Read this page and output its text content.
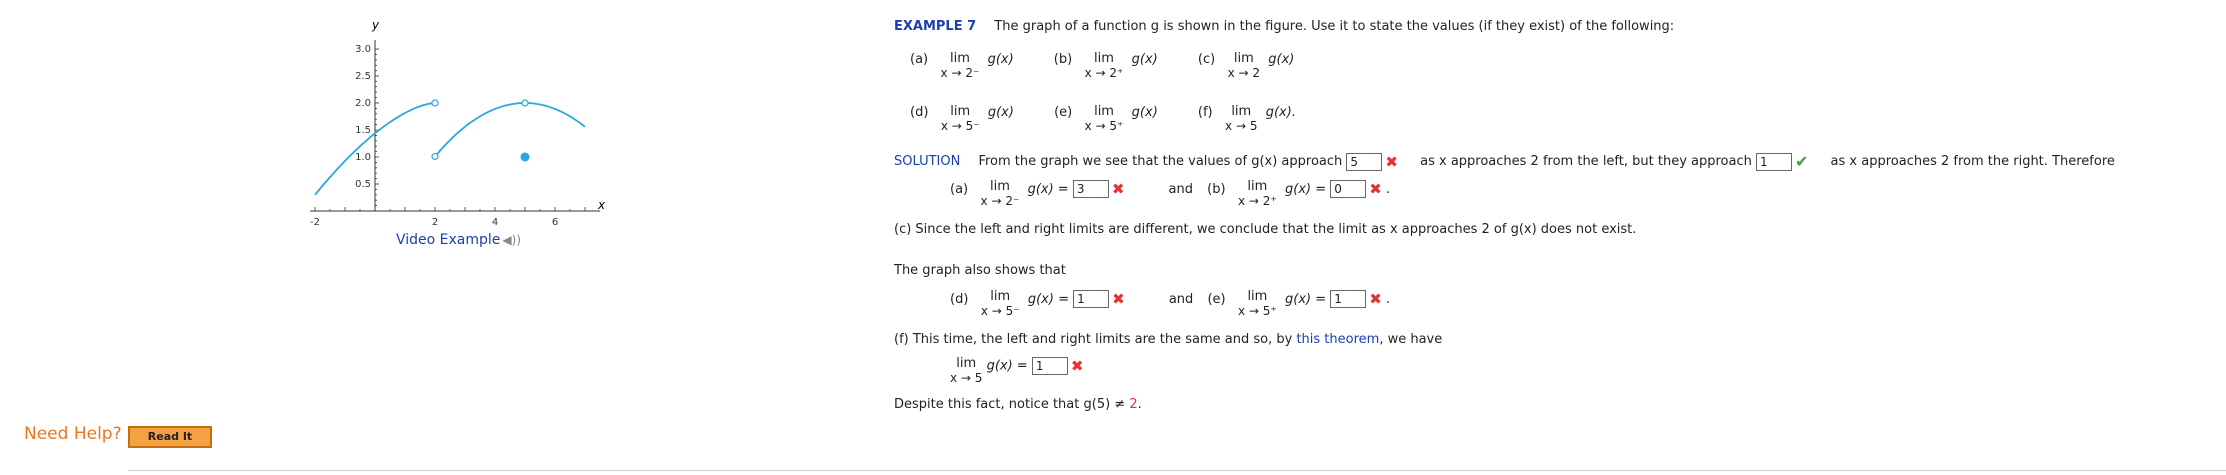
y
x
3.0
2.5
2.0
1.5
1.0
0.5
-2	2	4	6
Video Example ◀︎))
EXAMPLE 7 The graph of a function g is shown in the figure. Use it to state the values (if they exist) of the following:
(a) lim
x → 2⁻
g(x)	(b) lim
x → 2⁺
g(x)	(c) lim
x → 2
g(x)
(d) lim
x → 5⁻
g(x)	(e) lim
x → 5⁺
g(x)	(f) lim
x → 5
g(x).
SOLUTION From the graph we see that the values of g(x) approach 5 ✖ as x approaches 2 from the left, but they approach 1 ✔ as x approaches 2 from the right. Therefore
(a) lim
x → 2⁻
g(x) = 3 ✖	and (b) lim
x → 2⁺
g(x) = 0 ✖ .
(c) Since the left and right limits are different, we conclude that the limit as x approaches 2 of g(x) does not exist.
The graph also shows that
(d) lim
x → 5⁻
g(x) = 1 ✖	and (e) lim
x → 5⁺
g(x) = 1 ✖ .
(f) This time, the left and right limits are the same and so, by this theorem, we have
lim
x → 5
g(x) = 1 ✖
Despite this fact, notice that g(5) ≠ 2.
Need Help?	Read It
